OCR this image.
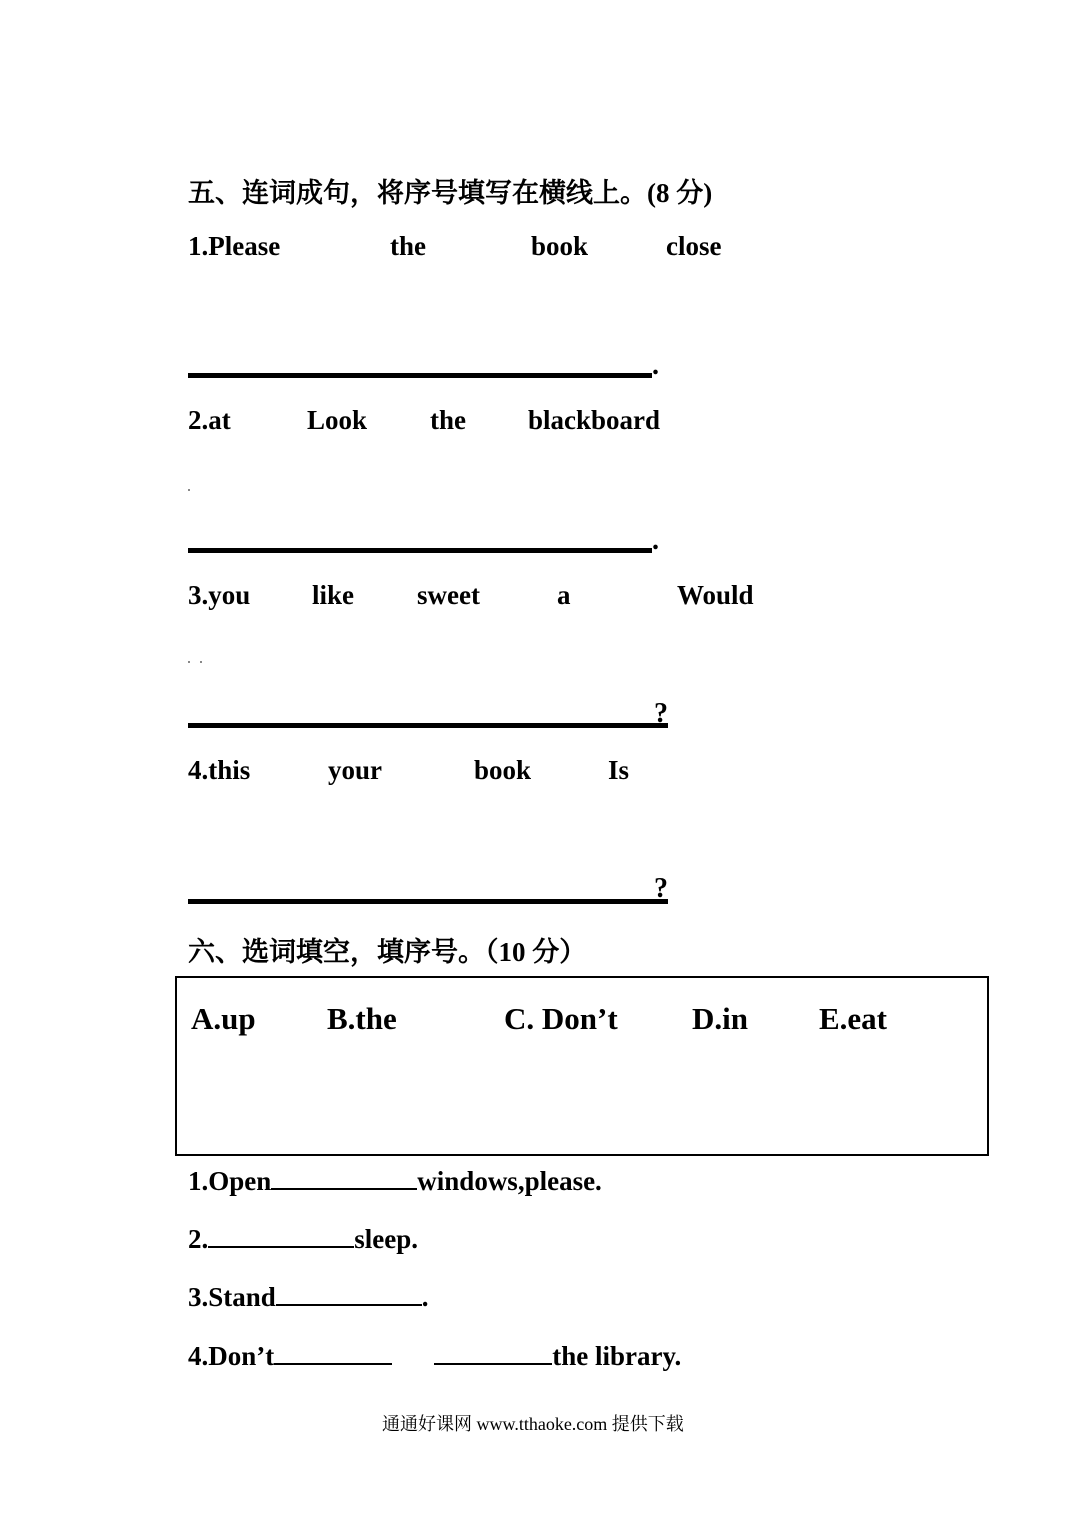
五、连词成句，将序号填写在横线上。(8 分)
1.Please	the	book	close
.
2.at	Look the blackboard
.
3.you like sweet	a	Would
?
4.this	your	book	Is
?
六、选词填空，填序号。（10 分）
A.up B.the	C. Don’t D.in E.eat
1.Open	windows,please.
2.	sleep.
3.Stand	.
4.Don’t	the library.
通通好课网 www.tthaoke.com 提供下载
